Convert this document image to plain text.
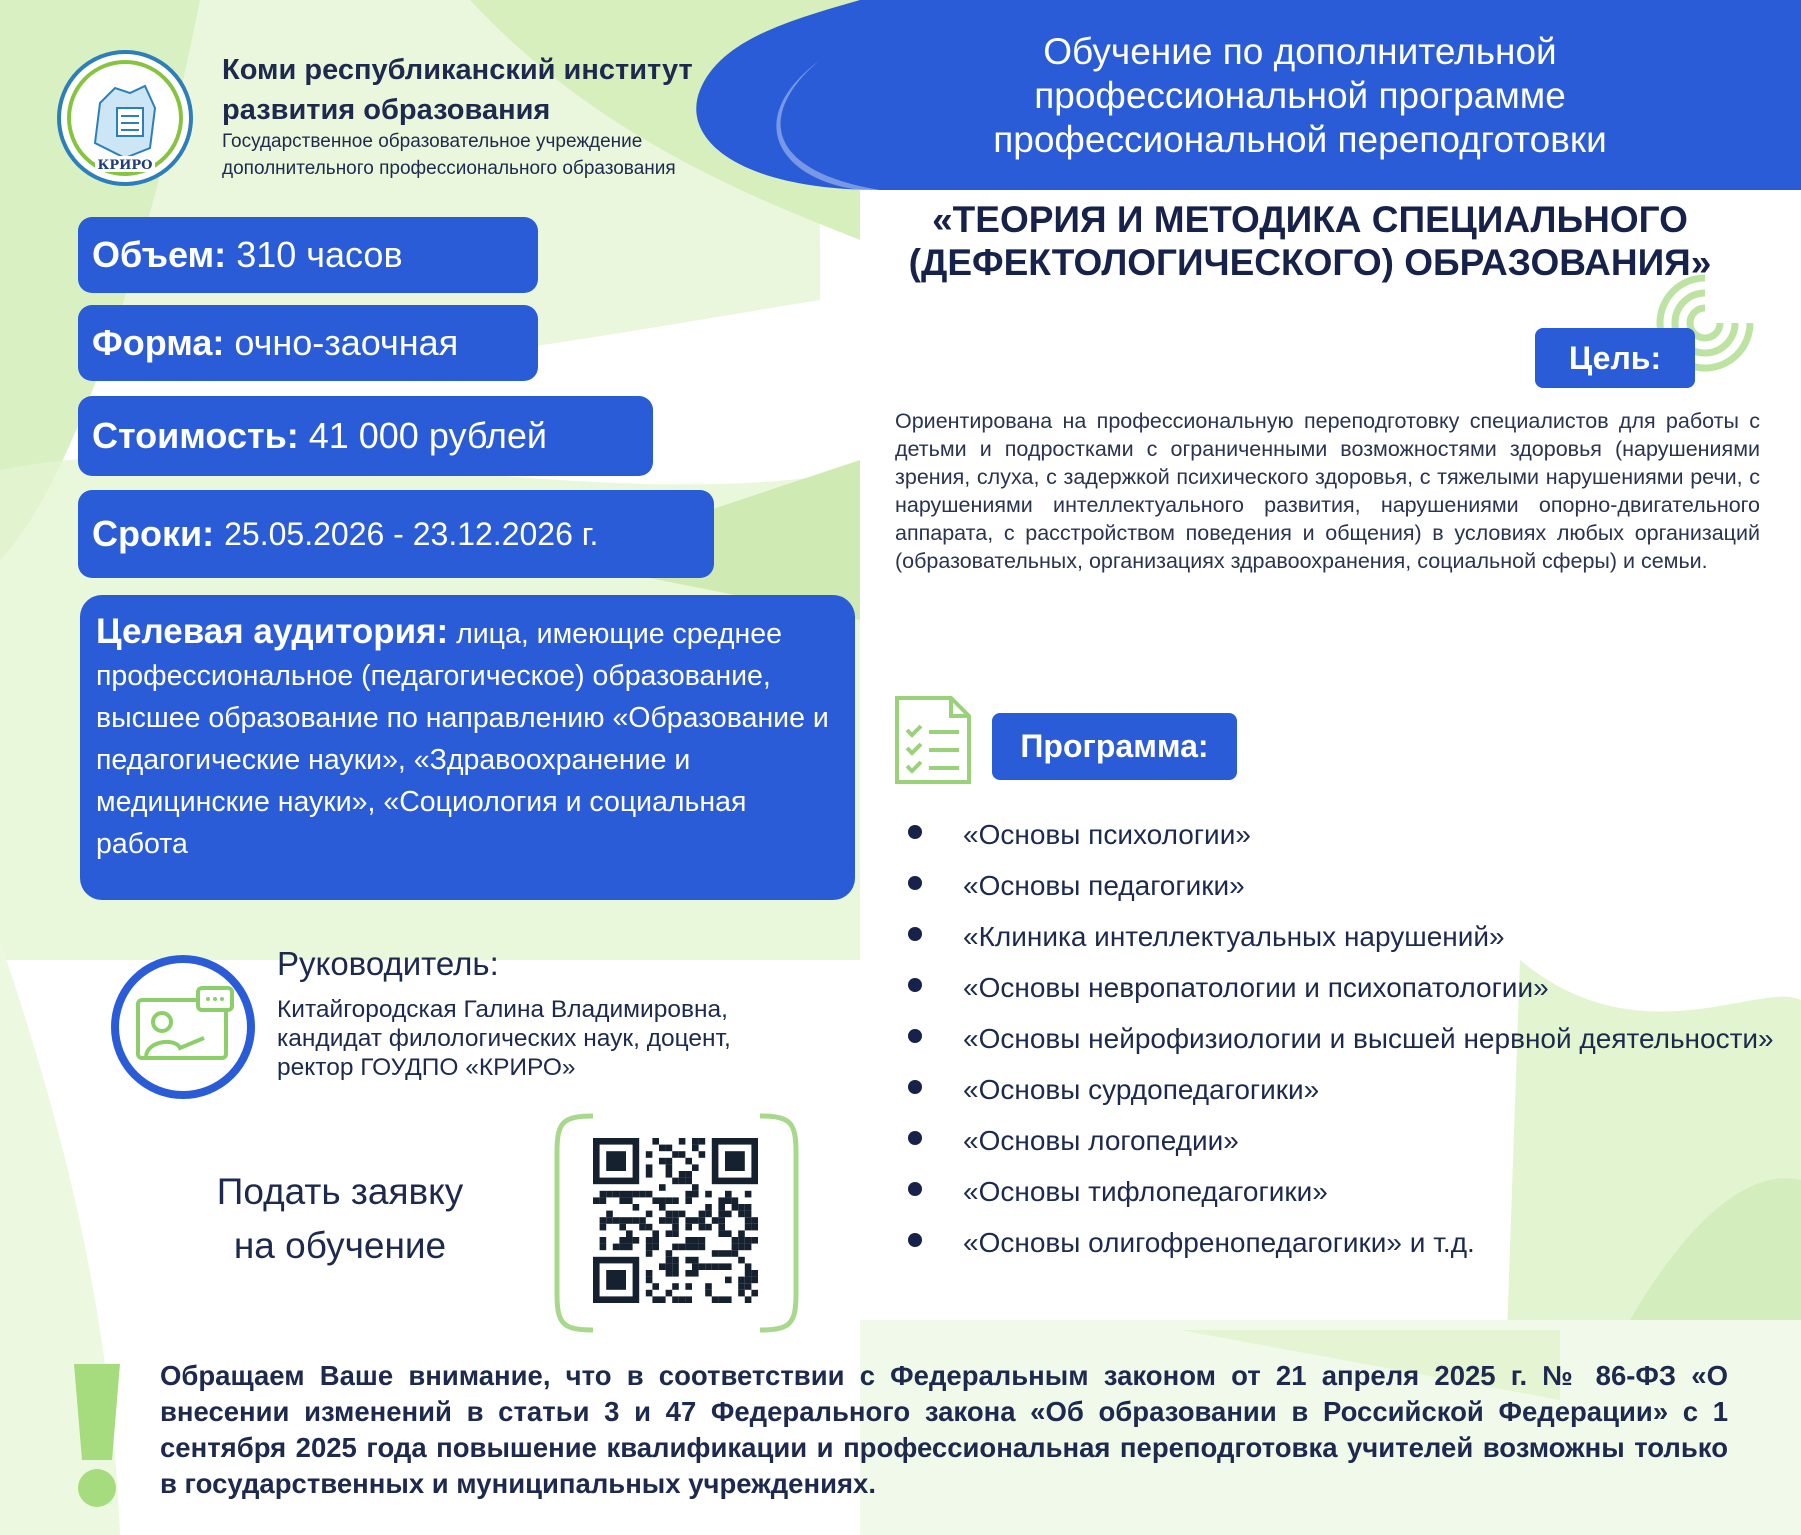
КРИРО
Коми республиканский институт развития образования
Государственное образовательное учреждение дополнительного профессионального образования
Объем: 310 часов
Форма: очно-заочная
Стоимость: 41 000 рублей
Сроки: 25.05.2026 - 23.12.2026 г.
Целевая аудитория: лица, имеющие среднее профессиональное (педагогическое) образование, высшее образование по направлению «Образование и педагогические науки», «Здравоохранение и медицинские науки», «Социология и социальная работа
Руководитель:
Китайгородская Галина Владимировна,
кандидат филологических наук, доцент,
ректор ГОУДПО «КРИРО»
Подать заявку
на обучение
Обучение по дополнительной профессиональной программе профессиональной переподготовки
«ТЕОРИЯ И МЕТОДИКА СПЕЦИАЛЬНОГО (ДЕФЕКТОЛОГИЧЕСКОГО) ОБРАЗОВАНИЯ»
Цель:
Ориентирована на профессиональную переподготовку специалистов для работы с детьми и подростками с ограниченными возможностями здоровья (нарушениями зрения, слуха, с задержкой психического здоровья, с тяжелыми нарушениями речи, с нарушениями интеллектуального развития, нарушениями опорно-двигательного аппарата, с расстройством поведения и общения) в условиях любых организаций (образовательных, организациях здравоохранения, социальной сферы) и семьи.
Программа:
«Основы психологии»
«Основы педагогики»
«Клиника интеллектуальных нарушений»
«Основы невропатологии и психопатологии»
«Основы нейрофизиологии и высшей нервной деятельности»
«Основы сурдопедагогики»
«Основы логопедии»
«Основы тифлопедагогики»
«Основы олигофренопедагогики» и т.д.
Обращаем Ваше внимание, что в соответствии с Федеральным законом от 21 апреля 2025 г. № 86-ФЗ «О внесении изменений в статьи 3 и 47 Федерального закона «Об образовании в Российской Федерации» с 1 сентября 2025 года повышение квалификации и профессиональная переподготовка учителей возможны только в государственных и муниципальных учреждениях.
